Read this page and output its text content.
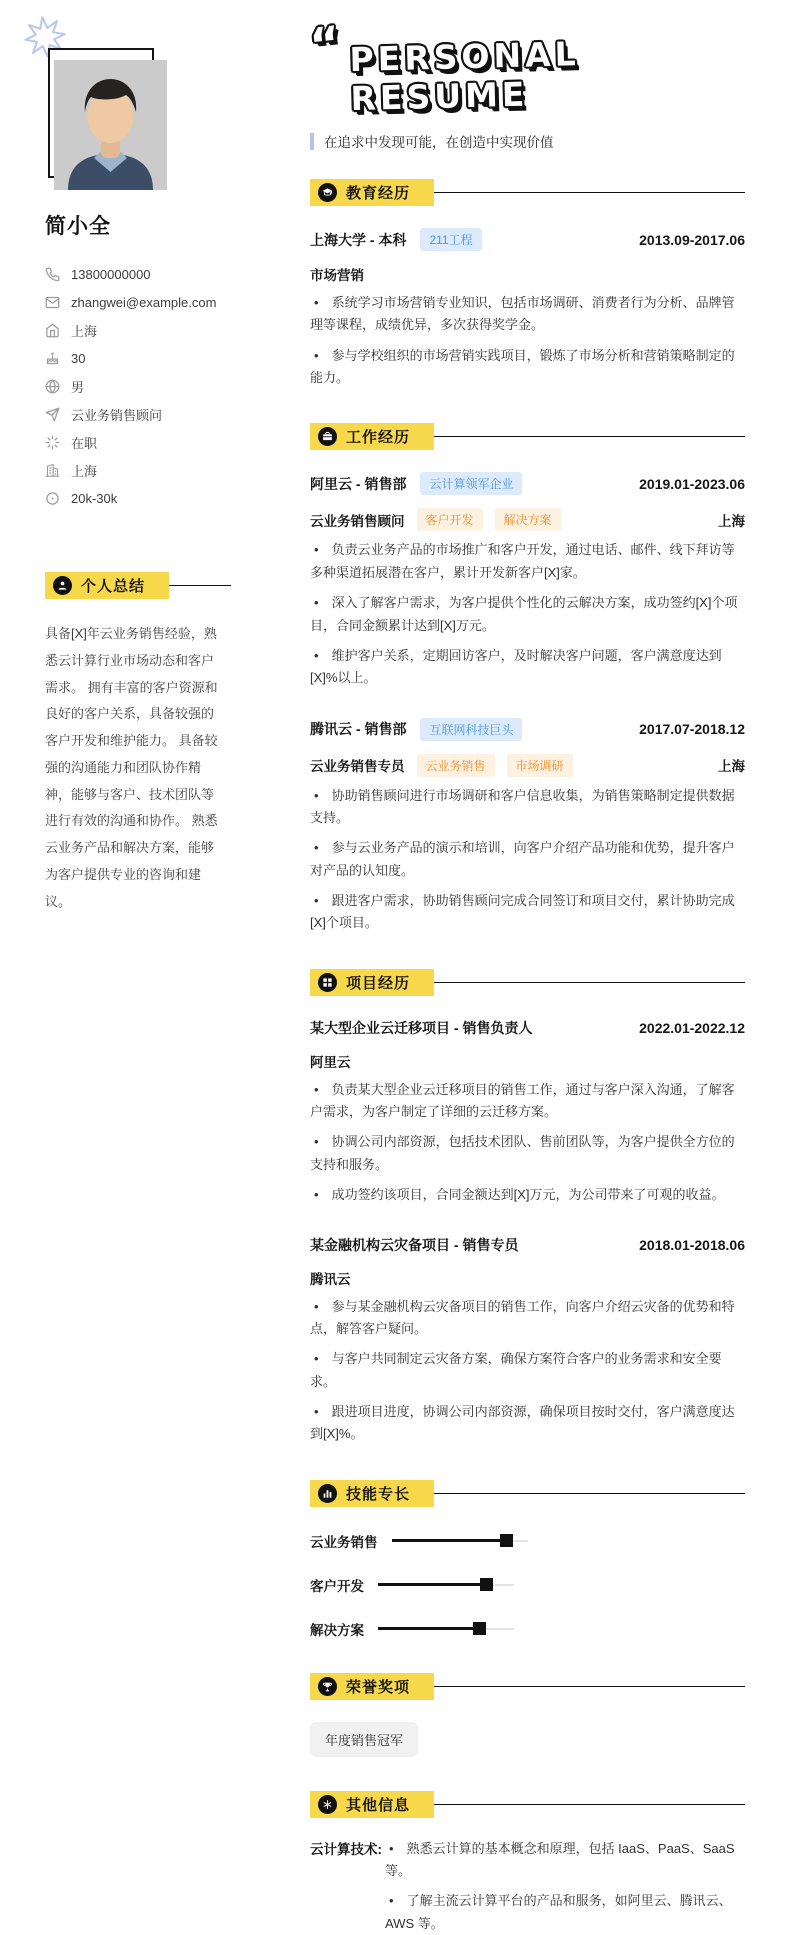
简小全
13800000000
zhangwei@example.com
上海
30
男
云业务销售顾问
在职
上海
20k-30k
个人总结

具备[X]年云业务销售经验，熟悉云计算行业市场动态和客户需求。 拥有丰富的客户资源和良好的客户关系，具备较强的客户开发和维护能力。 具备较强的沟通能力和团队协作精神，能够与客户、技术团队等进行有效的沟通和协作。 熟悉云业务产品和解决方案，能够为客户提供专业的咨询和建议。

“ PERSONAL RESUME
在追求中发现可能，在创造中实现价值
教育经历
上海大学 - 本科	211工程	2013.09-2017.06
市场营销

• 系统学习市场营销专业知识，包括市场调研、消费者行为分析、品牌管理等课程，成绩优异，多次获得奖学金。

• 参与学校组织的市场营销实践项目，锻炼了市场分析和营销策略制定的能力。

工作经历
阿里云 - 销售部	云计算领军企业	2019.01-2023.06
云业务销售顾问	客户开发	解决方案	上海

• 负责云业务产品的市场推广和客户开发，通过电话、邮件、线下拜访等多种渠道拓展潜在客户，累计开发新客户[X]家。

• 深入了解客户需求，为客户提供个性化的云解决方案，成功签约[X]个项目，合同金额累计达到[X]万元。

• 维护客户关系，定期回访客户，及时解决客户问题，客户满意度达到[X]%以上。

腾讯云 - 销售部	互联网科技巨头	2017.07-2018.12
云业务销售专员	云业务销售	市场调研	上海

• 协助销售顾问进行市场调研和客户信息收集，为销售策略制定提供数据支持。

• 参与云业务产品的演示和培训，向客户介绍产品功能和优势，提升客户对产品的认知度。

• 跟进客户需求，协助销售顾问完成合同签订和项目交付，累计协助完成[X]个项目。

项目经历
某大型企业云迁移项目 - 销售负责人	2022.01-2022.12
阿里云

• 负责某大型企业云迁移项目的销售工作，通过与客户深入沟通，了解客户需求，为客户制定了详细的云迁移方案。

• 协调公司内部资源，包括技术团队、售前团队等，为客户提供全方位的支持和服务。

• 成功签约该项目，合同金额达到[X]万元，为公司带来了可观的收益。

某金融机构云灾备项目 - 销售专员	2018.01-2018.06
腾讯云

• 参与某金融机构云灾备项目的销售工作，向客户介绍云灾备的优势和特点，解答客户疑问。

• 与客户共同制定云灾备方案，确保方案符合客户的业务需求和安全要求。

• 跟进项目进度，协调公司内部资源，确保项目按时交付，客户满意度达到[X]%。

技能专长
云业务销售
客户开发
解决方案
荣誉奖项
年度销售冠军
其他信息
云计算技术: • 熟悉云计算的基本概念和原理，包括 IaaS、PaaS、SaaS 等。

• 了解主流云计算平台的产品和服务，如阿里云、腾讯云、AWS 等。
